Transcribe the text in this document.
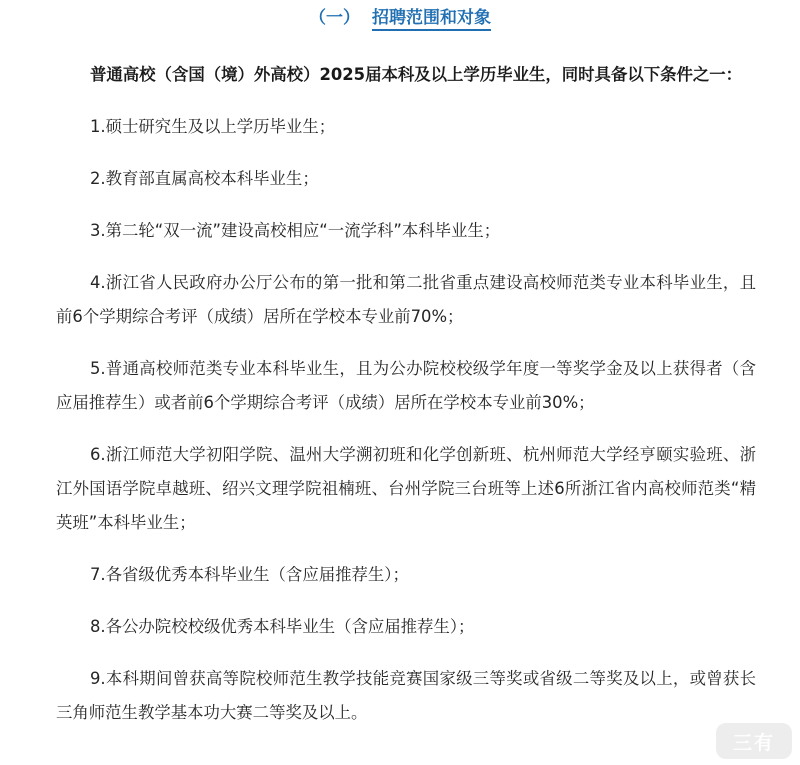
（一） 招聘范围和对象

普通高校（含国（境）外高校）2025届本科及以上学历毕业生，同时具备以下条件之一：

1.硕士研究生及以上学历毕业生；

2.教育部直属高校本科毕业生；

3.第二轮“双一流”建设高校相应“一流学科”本科毕业生；

4.浙江省人民政府办公厅公布的第一批和第二批省重点建设高校师范类专业本科毕业生，且前6个学期综合考评（成绩）居所在学校本专业前70%；

5.普通高校师范类专业本科毕业生，且为公办院校校级学年度一等奖学金及以上获得者（含应届推荐生）或者前6个学期综合考评（成绩）居所在学校本专业前30%；

6.浙江师范大学初阳学院、温州大学溯初班和化学创新班、杭州师范大学经亨颐实验班、浙江外国语学院卓越班、绍兴文理学院祖楠班、台州学院三台班等上述6所浙江省内高校师范类“精英班”本科毕业生；

7.各省级优秀本科毕业生（含应届推荐生）；

8.各公办院校校级优秀本科毕业生（含应届推荐生）；

9.本科期间曾获高等院校师范生教学技能竞赛国家级三等奖或省级二等奖及以上，或曾获长三角师范生教学基本功大赛二等奖及以上。

三有
